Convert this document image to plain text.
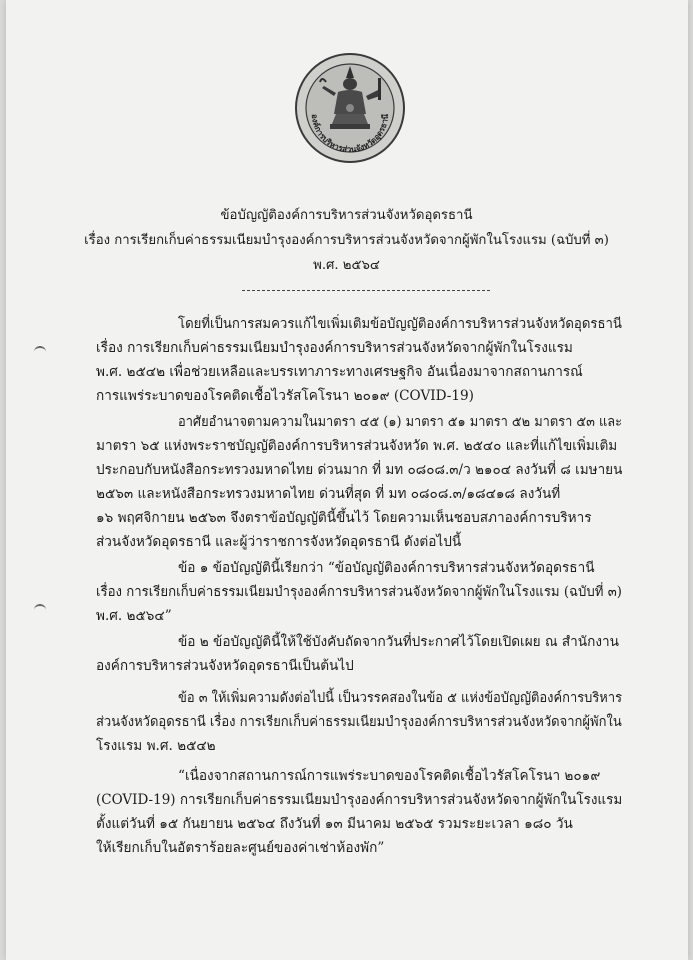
องค์การบริหารส่วนจังหวัดอุดรธานี
ข้อบัญญัติองค์การบริหารส่วนจังหวัดอุดรธานี
เรื่อง การเรียกเก็บค่าธรรมเนียมบำรุงองค์การบริหารส่วนจังหวัดจากผู้พักในโรงแรม (ฉบับที่ ๓)
พ.ศ. ๒๕๖๔
โดยที่เป็นการสมควรแก้ไขเพิ่มเติมข้อบัญญัติองค์การบริหารส่วนจังหวัดอุดรธานี
เรื่อง การเรียกเก็บค่าธรรมเนียมบำรุงองค์การบริหารส่วนจังหวัดจากผู้พักในโรงแรม
พ.ศ. ๒๕๔๒ เพื่อช่วยเหลือและบรรเทาภาระทางเศรษฐกิจ อันเนื่องมาจากสถานการณ์
การแพร่ระบาดของโรคติดเชื้อไวรัสโคโรนา ๒๐๑๙ (COVID-19)
อาศัยอำนาจตามความในมาตรา ๔๕ (๑) มาตรา ๕๑ มาตรา ๕๒ มาตรา ๕๓ และ
มาตรา ๖๕ แห่งพระราชบัญญัติองค์การบริหารส่วนจังหวัด พ.ศ. ๒๕๔๐ และที่แก้ไขเพิ่มเติม
ประกอบกับหนังสือกระทรวงมหาดไทย ด่วนมาก ที่ มท ๐๘๐๘.๓/ว ๒๑๐๔ ลงวันที่ ๘ เมษายน
๒๕๖๓ และหนังสือกระทรวงมหาดไทย ด่วนที่สุด ที่ มท ๐๘๐๘.๓/๑๘๔๑๘ ลงวันที่
๑๖ พฤศจิกายน ๒๕๖๓ จึงตราข้อบัญญัตินี้ขึ้นไว้ โดยความเห็นชอบสภาองค์การบริหาร
ส่วนจังหวัดอุดรธานี และผู้ว่าราชการจังหวัดอุดรธานี ดังต่อไปนี้
ข้อ ๑ ข้อบัญญัตินี้เรียกว่า “ข้อบัญญัติองค์การบริหารส่วนจังหวัดอุดรธานี
เรื่อง การเรียกเก็บค่าธรรมเนียมบำรุงองค์การบริหารส่วนจังหวัดจากผู้พักในโรงแรม (ฉบับที่ ๓)
พ.ศ. ๒๕๖๔”
ข้อ ๒ ข้อบัญญัตินี้ให้ใช้บังคับถัดจากวันที่ประกาศไว้โดยเปิดเผย ณ สำนักงาน
องค์การบริหารส่วนจังหวัดอุดรธานีเป็นต้นไป
ข้อ ๓ ให้เพิ่มความดังต่อไปนี้ เป็นวรรคสองในข้อ ๕ แห่งข้อบัญญัติองค์การบริหาร
ส่วนจังหวัดอุดรธานี เรื่อง การเรียกเก็บค่าธรรมเนียมบำรุงองค์การบริหารส่วนจังหวัดจากผู้พักใน
โรงแรม พ.ศ. ๒๕๔๒
“เนื่องจากสถานการณ์การแพร่ระบาดของโรคติดเชื้อไวรัสโคโรนา ๒๐๑๙
(COVID-19) การเรียกเก็บค่าธรรมเนียมบำรุงองค์การบริหารส่วนจังหวัดจากผู้พักในโรงแรม
ตั้งแต่วันที่ ๑๕ กันยายน ๒๕๖๔ ถึงวันที่ ๑๓ มีนาคม ๒๕๖๕ รวมระยะเวลา ๑๘๐ วัน
ให้เรียกเก็บในอัตราร้อยละศูนย์ของค่าเช่าห้องพัก”
